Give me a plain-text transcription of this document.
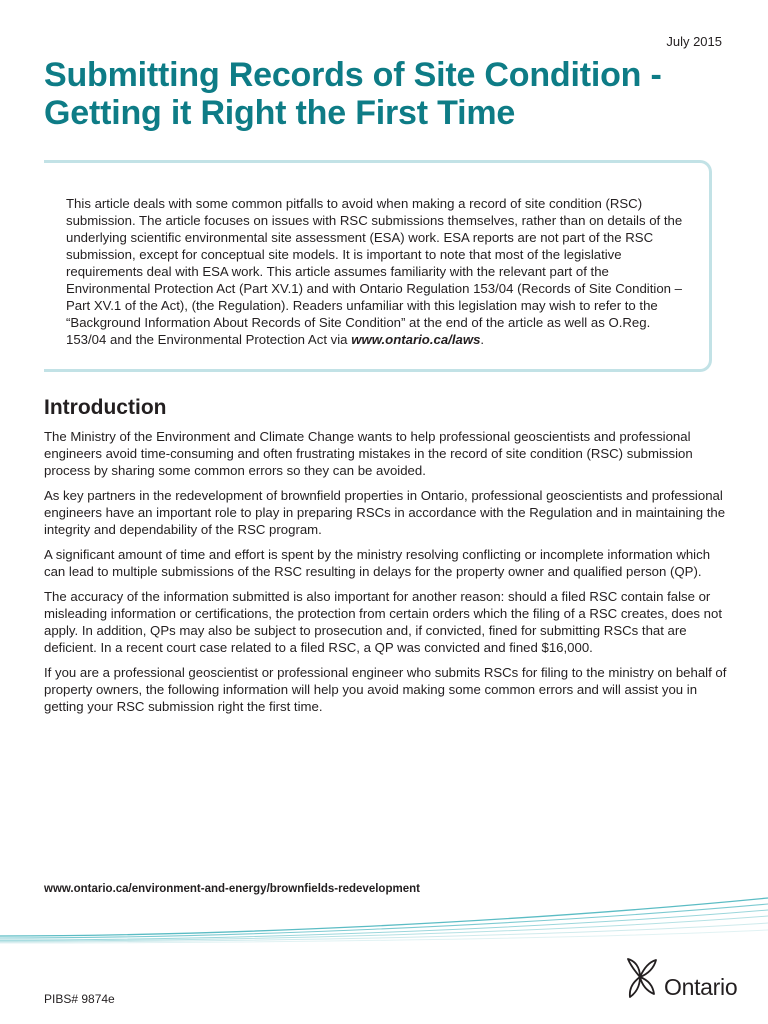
July 2015
Submitting Records of Site Condition - Getting it Right the First Time

This article deals with some common pitfalls to avoid when making a record of site condition (RSC) submission. The article focuses on issues with RSC submissions themselves, rather than on details of the underlying scientific environmental site assessment (ESA) work. ESA reports are not part of the RSC submission, except for conceptual site models. It is important to note that most of the legislative requirements deal with ESA work. This article assumes familiarity with the relevant part of the Environmental Protection Act (Part XV.1) and with Ontario Regulation 153/04 (Records of Site Condition – Part XV.1 of the Act), (the Regulation). Readers unfamiliar with this legislation may wish to refer to the “Background Information About Records of Site Condition” at the end of the article as well as O.Reg. 153/04 and the Environmental Protection Act via www.ontario.ca/laws.

Introduction

The Ministry of the Environment and Climate Change wants to help professional geoscientists and professional engineers avoid time-consuming and often frustrating mistakes in the record of site condition (RSC) submission process by sharing some common errors so they can be avoided.

As key partners in the redevelopment of brownfield properties in Ontario, professional geoscientists and professional engineers have an important role to play in preparing RSCs in accordance with the Regulation and in maintaining the integrity and dependability of the RSC program.

A significant amount of time and effort is spent by the ministry resolving conflicting or incomplete information which can lead to multiple submissions of the RSC resulting in delays for the property owner and qualified person (QP).

The accuracy of the information submitted is also important for another reason: should a filed RSC contain false or misleading information or certifications, the protection from certain orders which the filing of a RSC creates, does not apply. In addition, QPs may also be subject to prosecution and, if convicted, fined for submitting RSCs that are deficient. In a recent court case related to a filed RSC, a QP was convicted and fined $16,000.

If you are a professional geoscientist or professional engineer who submits RSCs for filing to the ministry on behalf of property owners, the following information will help you avoid making some common errors and will assist you in getting your RSC submission right the first time.

www.ontario.ca/environment-and-energy/brownfields-redevelopment
PIBS# 9874e	Ontario
